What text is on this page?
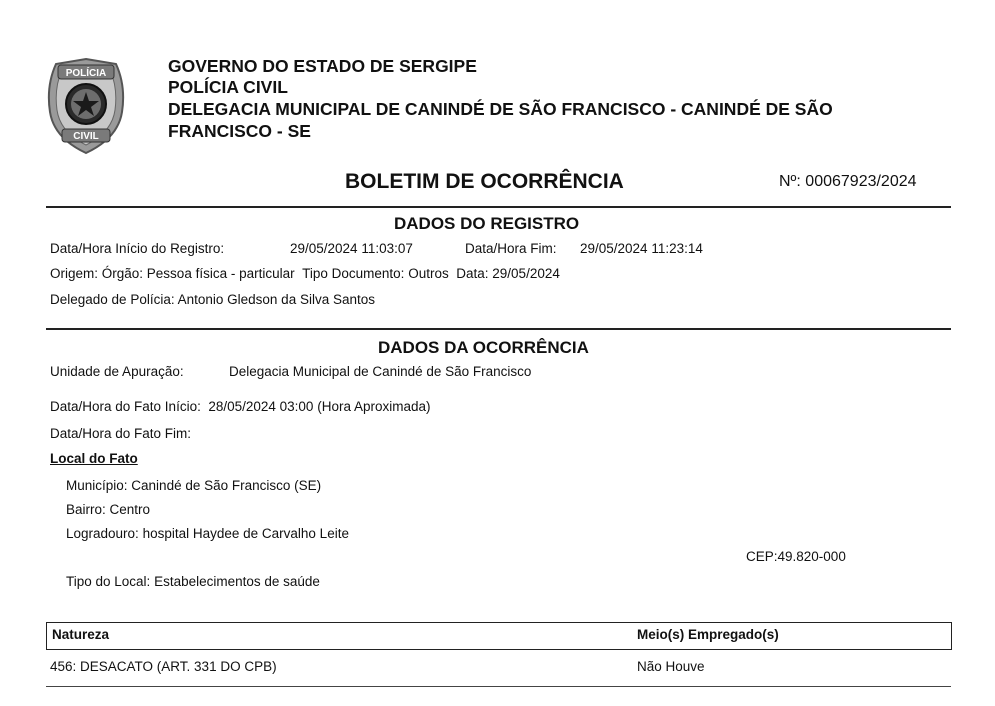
POLÍCIA
CIVIL
GOVERNO DO ESTADO DE SERGIPE
POLÍCIA CIVIL
DELEGACIA MUNICIPAL DE CANINDÉ DE SÃO FRANCISCO - CANINDÉ DE SÃO
FRANCISCO - SE
BOLETIM DE OCORRÊNCIA	Nº: 00067923/2024
DADOS DO REGISTRO
Data/Hora Início do Registro:	29/05/2024 11:03:07	Data/Hora Fim: 29/05/2024 11:23:14
Origem: Órgão: Pessoa física - particular Tipo Documento: Outros Data: 29/05/2024
Delegado de Polícia: Antonio Gledson da Silva Santos
DADOS DA OCORRÊNCIA
Unidade de Apuração:	Delegacia Municipal de Canindé de São Francisco
Data/Hora do Fato Início: 28/05/2024 03:00 (Hora Aproximada)
Data/Hora do Fato Fim:
Local do Fato
Município: Canindé de São Francisco (SE)
Bairro: Centro
Logradouro: hospital Haydee de Carvalho Leite
CEP:49.820-000
Tipo do Local: Estabelecimentos de saúde
Natureza	Meio(s) Empregado(s)
456: DESACATO (ART. 331 DO CPB)	Não Houve
